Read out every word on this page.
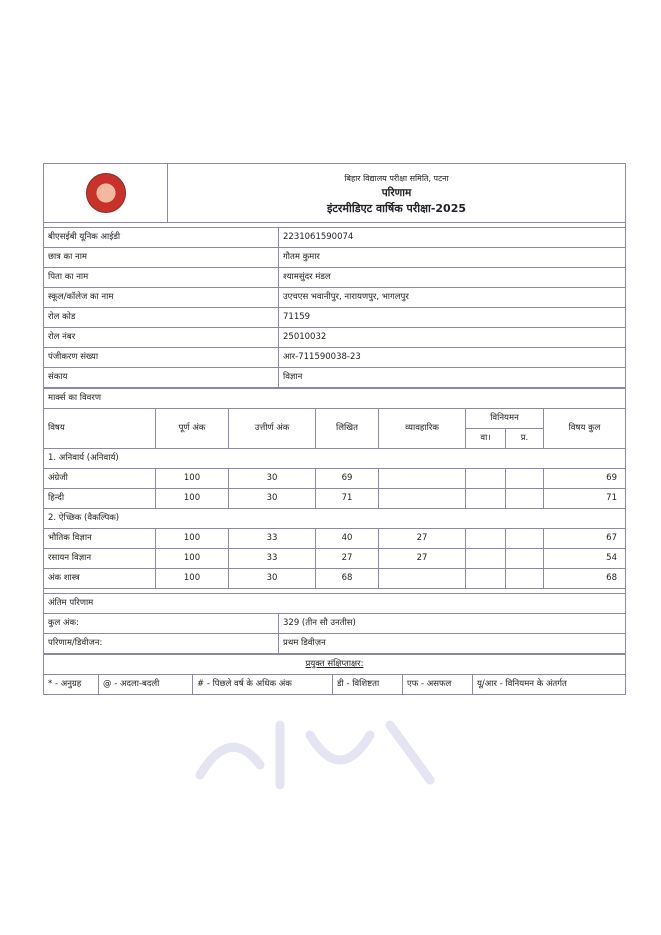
बिहार विद्यालय परीक्षा समिति, पटना
परिणाम
इंटरमीडिएट वार्षिक परीक्षा-2025
बीएसईबी यूनिक आईडी	2231061590074
छात्र का नाम	गौतम कुमार
पिता का नाम	श्यामसुंदर मंडल
स्कूल/कॉलेज का नाम	उएचएस भवानीपुर, नारायणपुर, भागलपुर
रोल कोड	71159
रोल नंबर	25010032
पंजीकरण संख्या	आर-711590038-23
संकाय	विज्ञान
मार्क्स का विवरण							
विषय	पूर्ण अंक	उत्तीर्ण अंक	लिखित	व्यावहारिक	विनियमन		विषय कुल
					वा।	प्र.	
1. अनिवार्य (अनिवार्य)							
अंग्रेजी	100	30	69				69
हिन्दी	100	30	71				71
2. ऐच्छिक (वैकल्पिक)							
भौतिक विज्ञान	100	33	40	27			67
रसायन विज्ञान	100	33	27	27			54
अंक शास्त्र	100	30	68				68
अंतिम परिणाम	
कुल अंक:	329 (तीन सौ उनतीस)
परिणाम/डिवीजन:	प्रथम डिवीज़न
प्रयुक्त संक्षिप्ताक्षर:
* - अनुग्रह	@ - अदला-बदली	# - पिछले वर्ष के अधिक अंक	डी - विशिष्टता	एफ - असफल	यू/आर - विनियमन के अंतर्गत
